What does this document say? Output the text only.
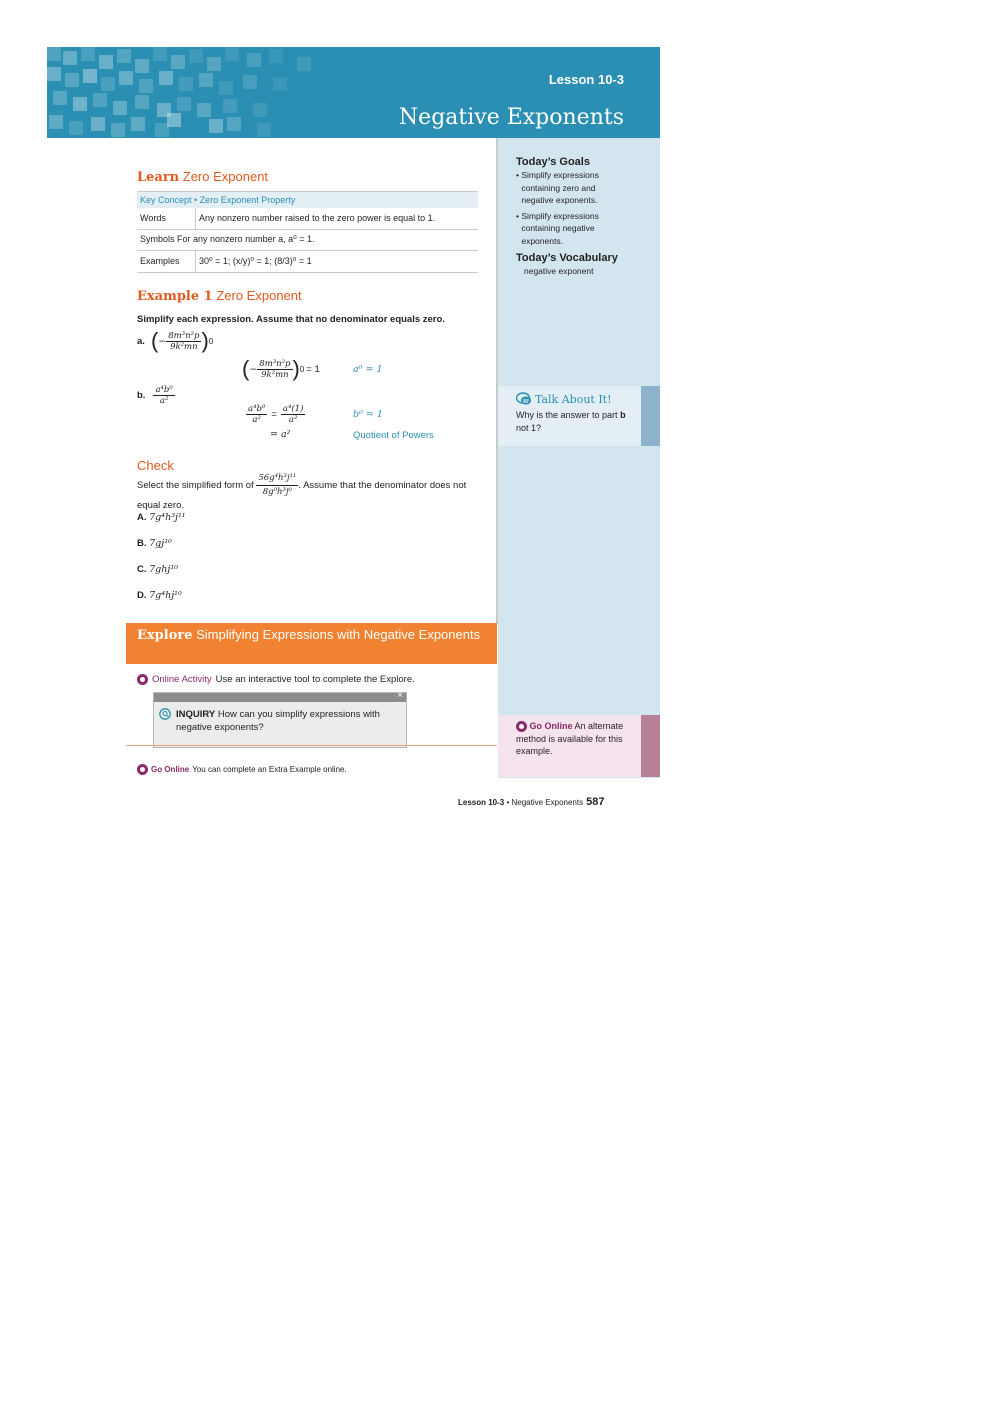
Lesson 10-3
Negative Exponents
Today’s Goals
• Simplify expressions containing zero and negative exponents.
• Simplify expressions containing negative exponents.
Today’s Vocabulary
negative exponent
Talk About It!
Why is the answer to part b not 1?
Go Online An alternate method is available for this example.
Learn Zero Exponent
Key Concept • Zero Exponent Property
Words	Any nonzero number raised to the zero power is equal to 1.
Symbols For any nonzero number a, a⁰ = 1.	
Examples	30⁰ = 1; (x/y)⁰ = 1; (8/3)⁰ = 1
Example 1 Zero Exponent
Simplify each expression. Assume that no denominator equals zero.
a. ( − $\frac{\text{8m³n²p}}{\text{9k²mn}}$ ) 0
( − $\frac{\text{8m³n²p}}{\text{9k²mn}}$ ) 0 = 1	a⁰ = 1
b. $\frac{\text{a⁴b⁰}}{\text{a²}}$
$\frac{\text{a⁴b⁰}}{\text{a²}} = \frac{\text{a⁴(1)}}{\text{a²}}$	b⁰ = 1
= a²	Quotient of Powers
Check
Select the simplified form of $\frac{\text{56g⁴h³j¹¹}}{\text{8g⁰h³j⁰}}$ . Assume that the denominator does not equal zero.
A. 7g⁴h³j¹¹
B. 7gj¹⁰
C. 7ghj¹⁰
D. 7g⁴hj¹⁰
Explore Simplifying Expressions with Negative Exponents
Online Activity Use an interactive tool to complete the Explore.
×
INQUIRY How can you simplify expressions with negative exponents?
Go Online You can complete an Extra Example online.
Lesson 10-3 • Negative Exponents 587
